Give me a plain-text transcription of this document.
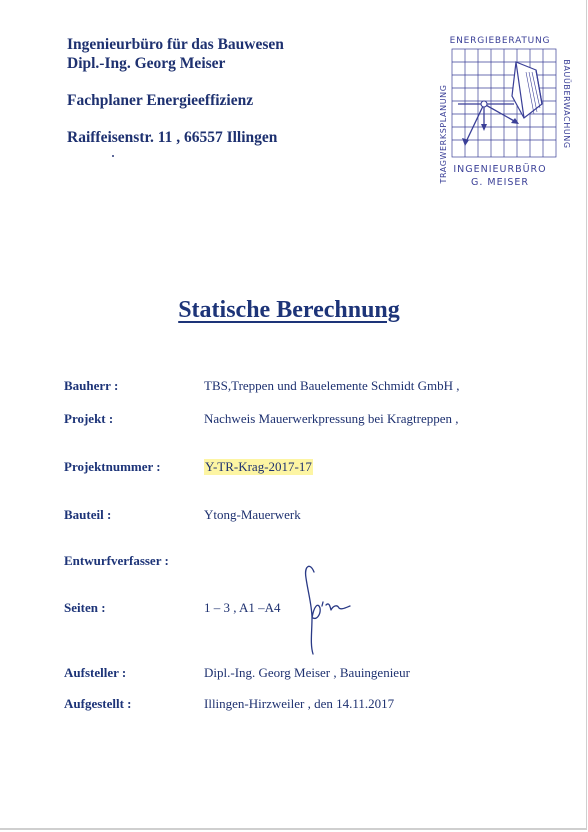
Ingenieurbüro für das Bauwesen
Dipl.-Ing. Georg Meiser
Fachplaner Energieeffizienz
Raiffeisenstr. 11 , 66557 Illingen
ENERGIEBERATUNG
TRAGWERKSPLANUNG	BAUÜBERWACHUNG
INGENIEURBÜRO
G. MEISER
Statische Berechnung
Bauherr :	TBS,Treppen und Bauelemente Schmidt GmbH ,
Projekt :	Nachweis Mauerwerkpressung bei Kragtreppen ,
Projektnummer :	Y-TR-Krag-2017-17
Bauteil :	Ytong-Mauerwerk
Entwurfverfasser :
Seiten :	1 – 3 , A1 –A4
Aufsteller :	Dipl.-Ing. Georg Meiser , Bauingenieur
Aufgestellt :	Illingen-Hirzweiler , den 14.11.2017
